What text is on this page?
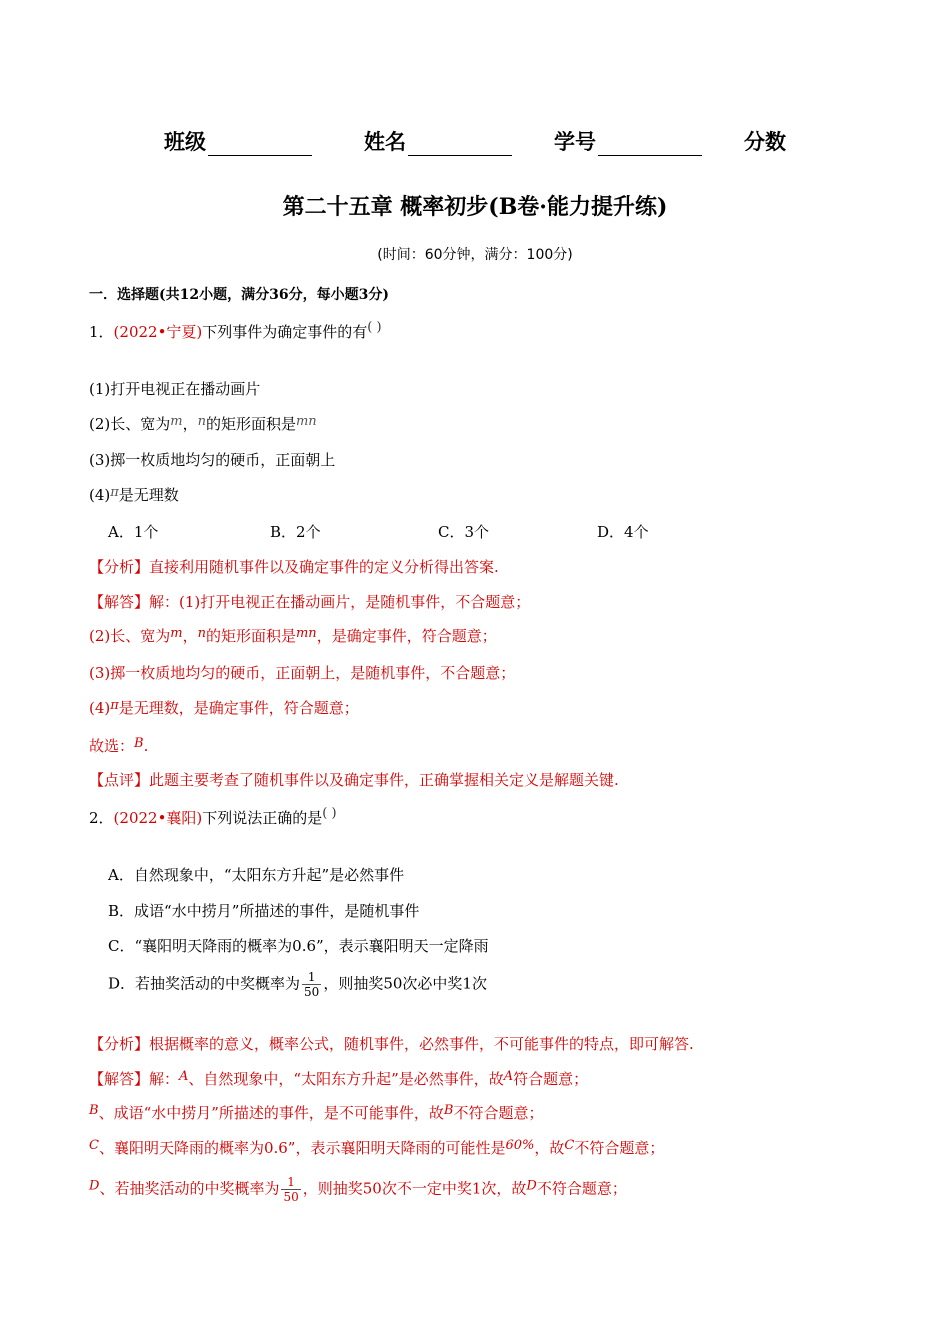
班级	姓名	学号	分数
第二十五章 概率初步(B卷·能力提升练)
(时间：60分钟，满分：100分)
一．选择题(共12小题，满分36分，每小题3分)
1．(2022•宁夏)下列事件为确定事件的有( )
(1)打开电视正在播动画片
(2)长、宽为m，n的矩形面积是mn
(3)掷一枚质地均匀的硬币，正面朝上
(4)π是无理数
A．1个	B．2个	C．3个	D．4个
【分析】直接利用随机事件以及确定事件的定义分析得出答案.
【解答】解：(1)打开电视正在播动画片，是随机事件，不合题意；
(2)长、宽为m，n的矩形面积是mn，是确定事件，符合题意；
(3)掷一枚质地均匀的硬币，正面朝上，是随机事件，不合题意；
(4)π是无理数，是确定事件，符合题意；
故选：B.
【点评】此题主要考查了随机事件以及确定事件，正确掌握相关定义是解题关键.
2．(2022•襄阳)下列说法正确的是( )
A．自然现象中，“太阳东方升起”是必然事件
B．成语“水中捞月”所描述的事件，是随机事件
C．“襄阳明天降雨的概率为0.6”，表示襄阳明天一定降雨
D．若抽奖活动的中奖概率为 $\frac{1}{50}$ ，则抽奖50次必中奖1次
【分析】根据概率的意义，概率公式，随机事件，必然事件，不可能事件的特点，即可解答.
【解答】解：A、自然现象中，“太阳东方升起”是必然事件，故A符合题意；
B、成语“水中捞月”所描述的事件，是不可能事件，故B不符合题意；
C、襄阳明天降雨的概率为0.6”，表示襄阳明天降雨的可能性是60%，故C不符合题意；
D、若抽奖活动的中奖概率为 $\frac{1}{50}$ ，则抽奖50次不一定中奖1次，故D不符合题意；
